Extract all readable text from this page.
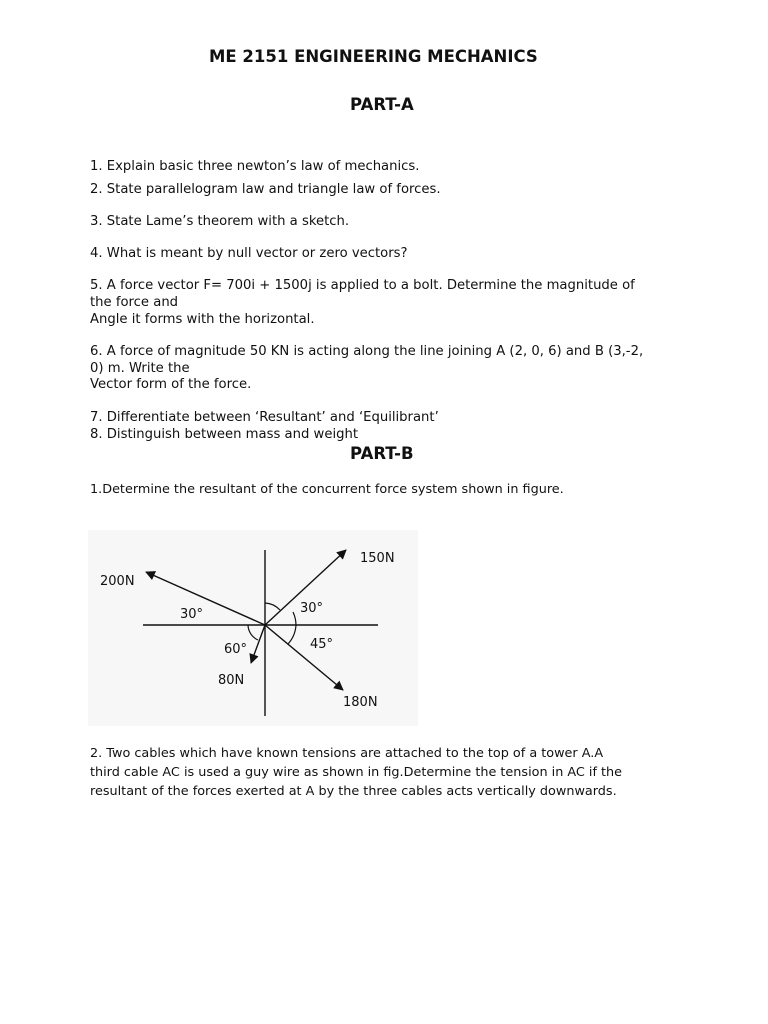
ME 2151 ENGINEERING MECHANICS
PART-A
1. Explain basic three newton’s law of mechanics.
2. State parallelogram law and triangle law of forces.
3. State Lame’s theorem with a sketch.
4. What is meant by null vector or zero vectors?
5. A force vector F= 700i + 1500j is applied to a bolt. Determine the magnitude of
the force and
Angle it forms with the horizontal.
6. A force of magnitude 50 KN is acting along the line joining A (2, 0, 6) and B (3,-2,
0) m. Write the
Vector form of the force.
7. Differentiate between ‘Resultant’ and ‘Equilibrant’
8. Distinguish between mass and weight
PART-B
1.Determine the resultant of the concurrent force system shown in figure.
150N
200N
80N
180N
30°
30°
60°	45°
2. Two cables which have known tensions are attached to the top of a tower A.A
third cable AC is used a guy wire as shown in fig.Determine the tension in AC if the
resultant of the forces exerted at A by the three cables acts vertically downwards.
